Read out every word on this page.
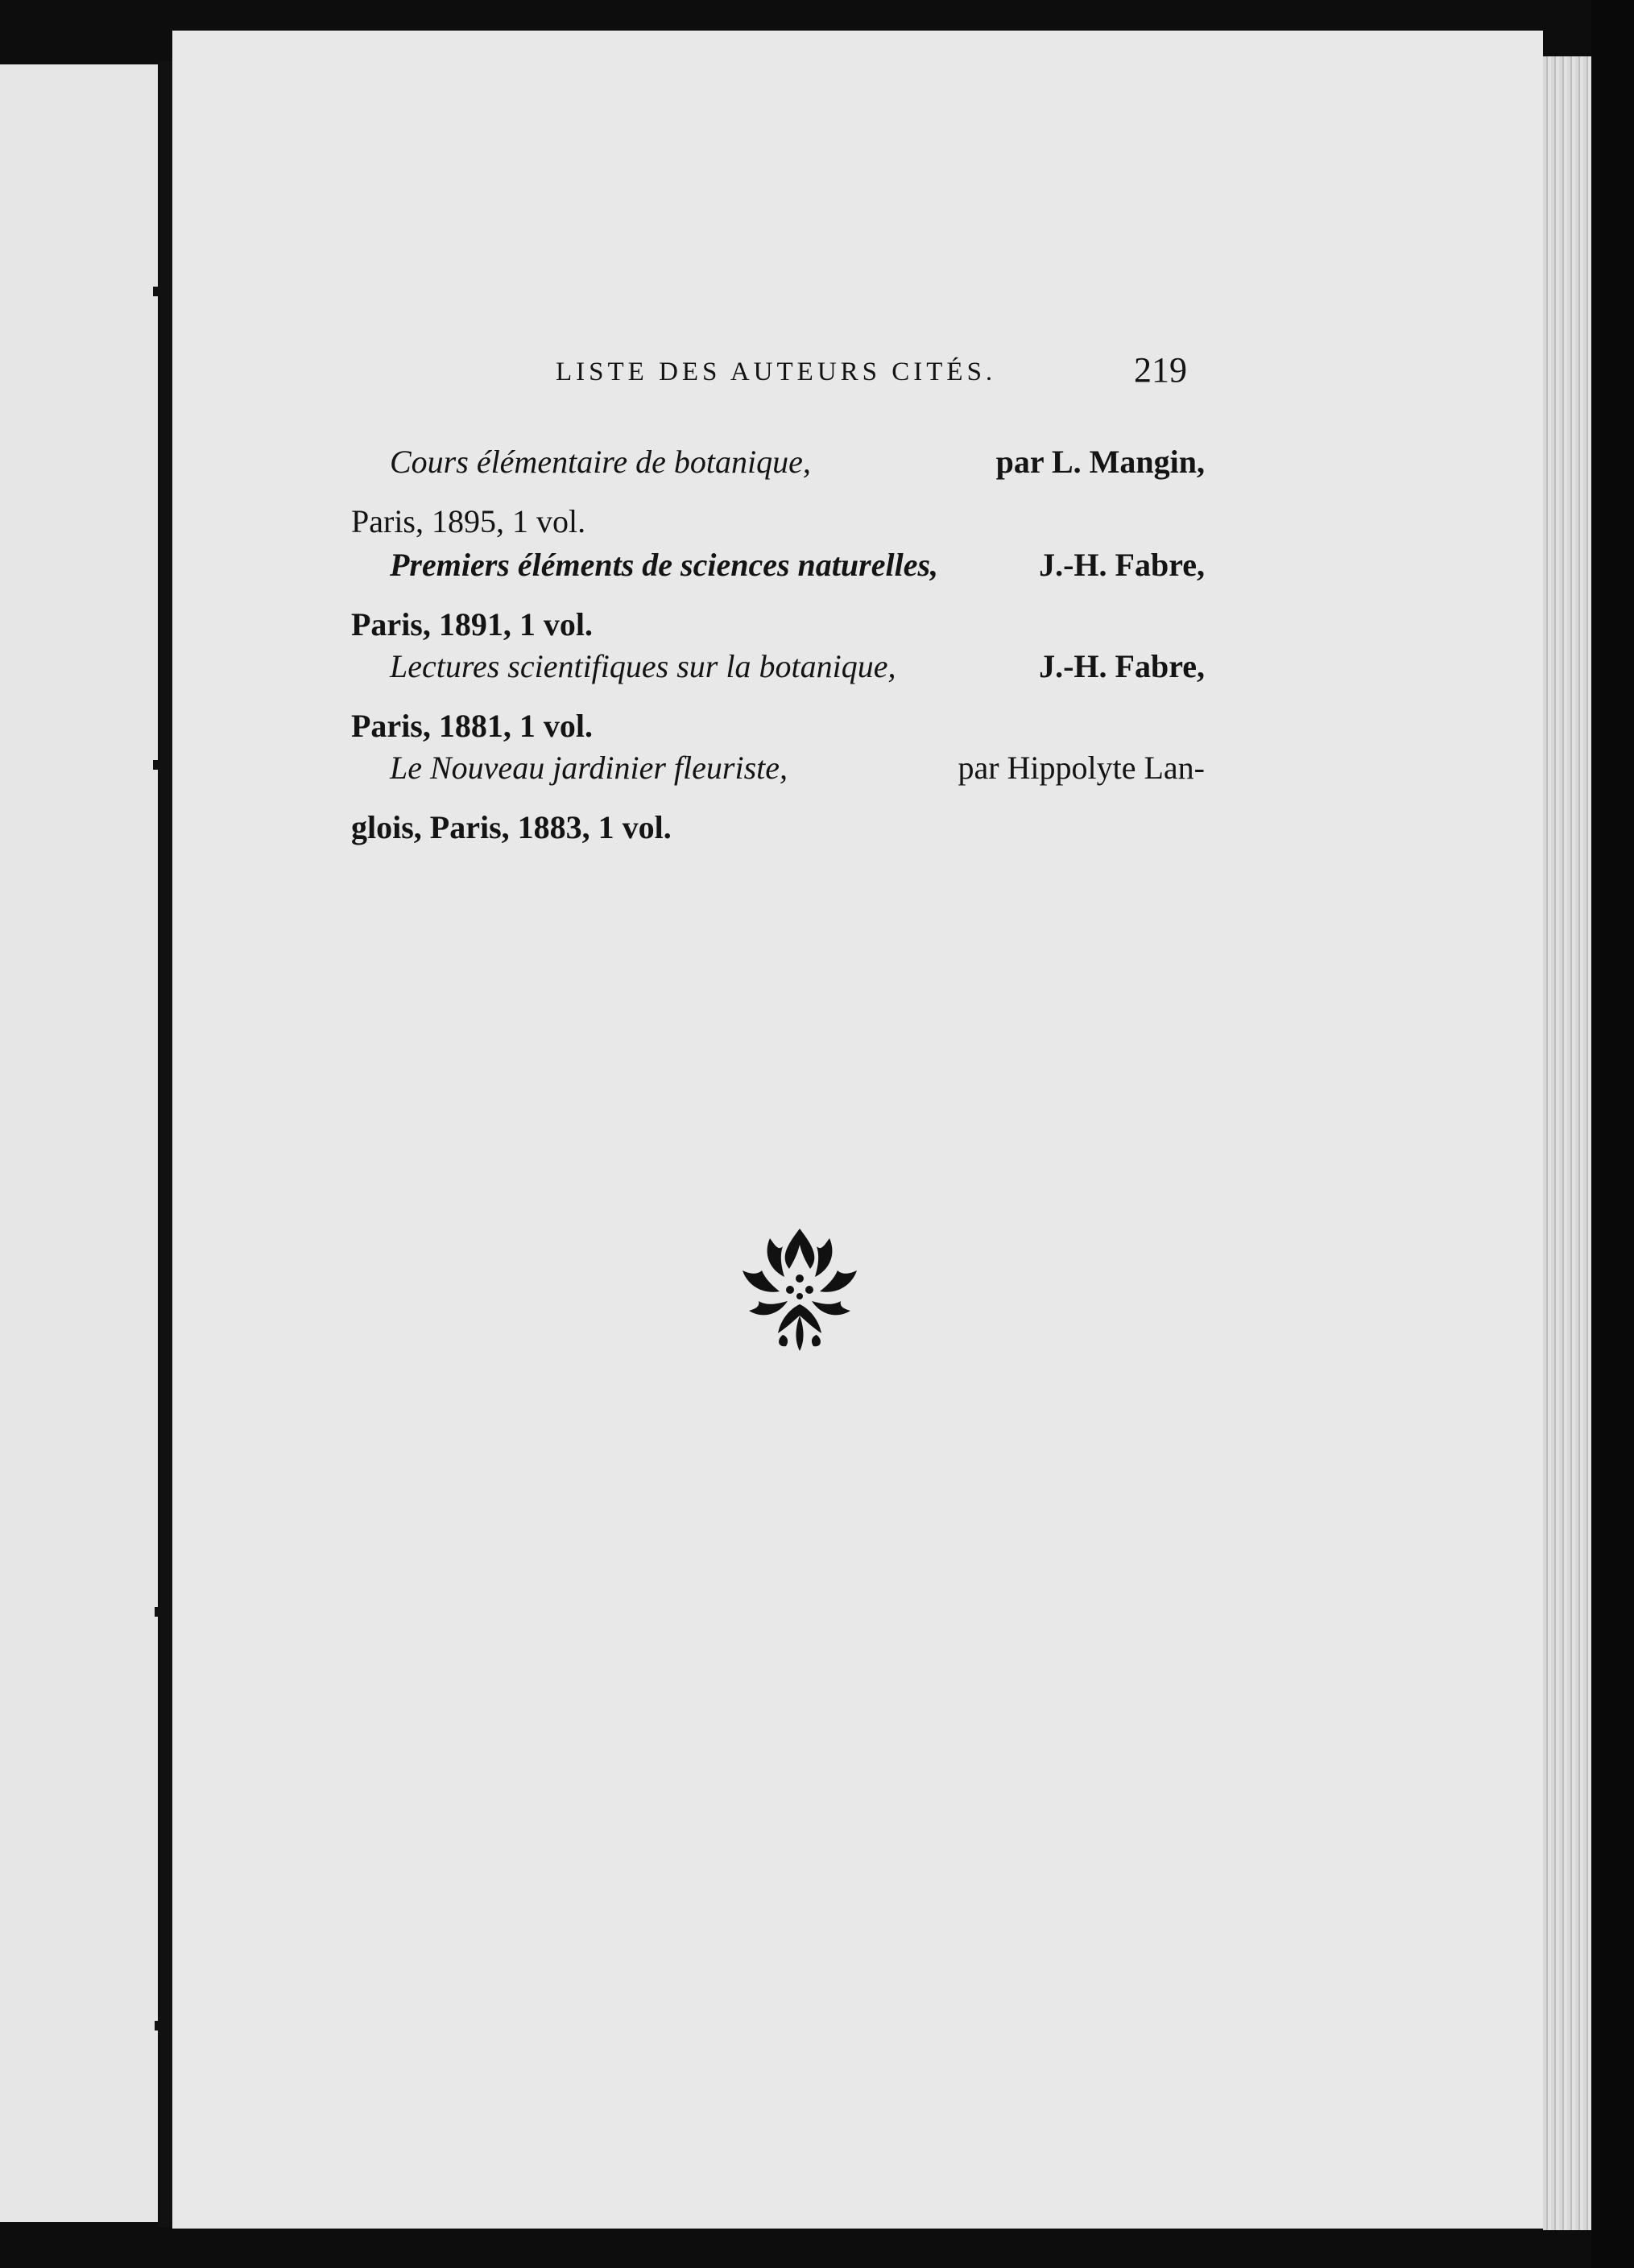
LISTE DES AUTEURS CITÉS.	219
Cours élémentaire de botanique,	par L. Mangin,
Paris, 1895, 1 vol.
Premiers éléments de sciences naturelles,	J.-H. Fabre,
Paris, 1891, 1 vol.
Lectures scientifiques sur la botanique,	J.-H. Fabre,
Paris, 1881, 1 vol.
Le Nouveau jardinier fleuriste,	par Hippolyte Lan-
glois, Paris, 1883, 1 vol.
